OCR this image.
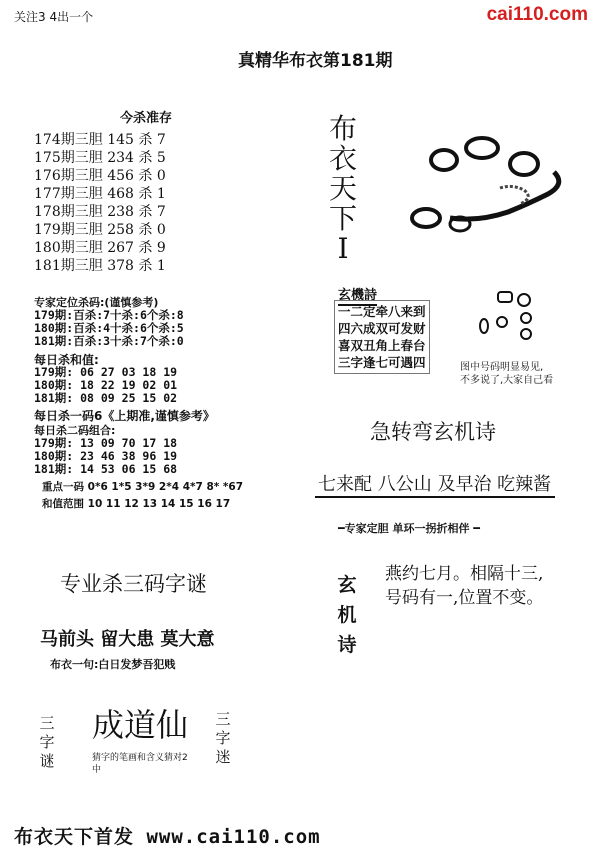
关注3 4出一个	cai110.com
真精华布衣第181期
今杀准存
174期三胆 145 杀 7
175期三胆 234 杀 5
176期三胆 456 杀 0
177期三胆 468 杀 1
178期三胆 238 杀 7
179期三胆 258 杀 0
180期三胆 267 杀 9
181期三胆 378 杀 1
专家定位杀码:(谨慎参考)
179期:百杀:7十杀:6个杀:8
180期:百杀:4十杀:6个杀:5
181期:百杀:3十杀:7个杀:0
每日杀和值:
179期: 06 27 03 18 19
180期: 18 22 19 02 01
181期: 08 09 25 15 02
每日杀一码6《上期准,谨慎参考》
每日杀二码组合:
179期: 13 09 70 17 18
180期: 23 46 38 96 19
181期: 14 53 06 15 68
重点一码 0*6 1*5 3*9 2*4 4*7 8* *67
和值范围 10 11 12 13 14 15 16 17
专业杀三码字谜
马前头 留大患 莫大意
布衣一句:白日发梦吾犯贱
三字谜
成道仙
猜字的笔画和含义猜对2中
三字迷
布衣天下I
玄機詩
一二定牵八来到
四六成双可发财
喜双丑角上春台
三字逢七可遇四	图中号码明显易见,
不多说了,大家自己看
急转弯玄机诗
七来配 八公山 及早治 吃辣酱
━专家定胆 单环一拐折相伴 ━
玄机诗
燕约七月。相隔十三,
号码有一,位置不变。
布衣天下首发 www.cai110.com
